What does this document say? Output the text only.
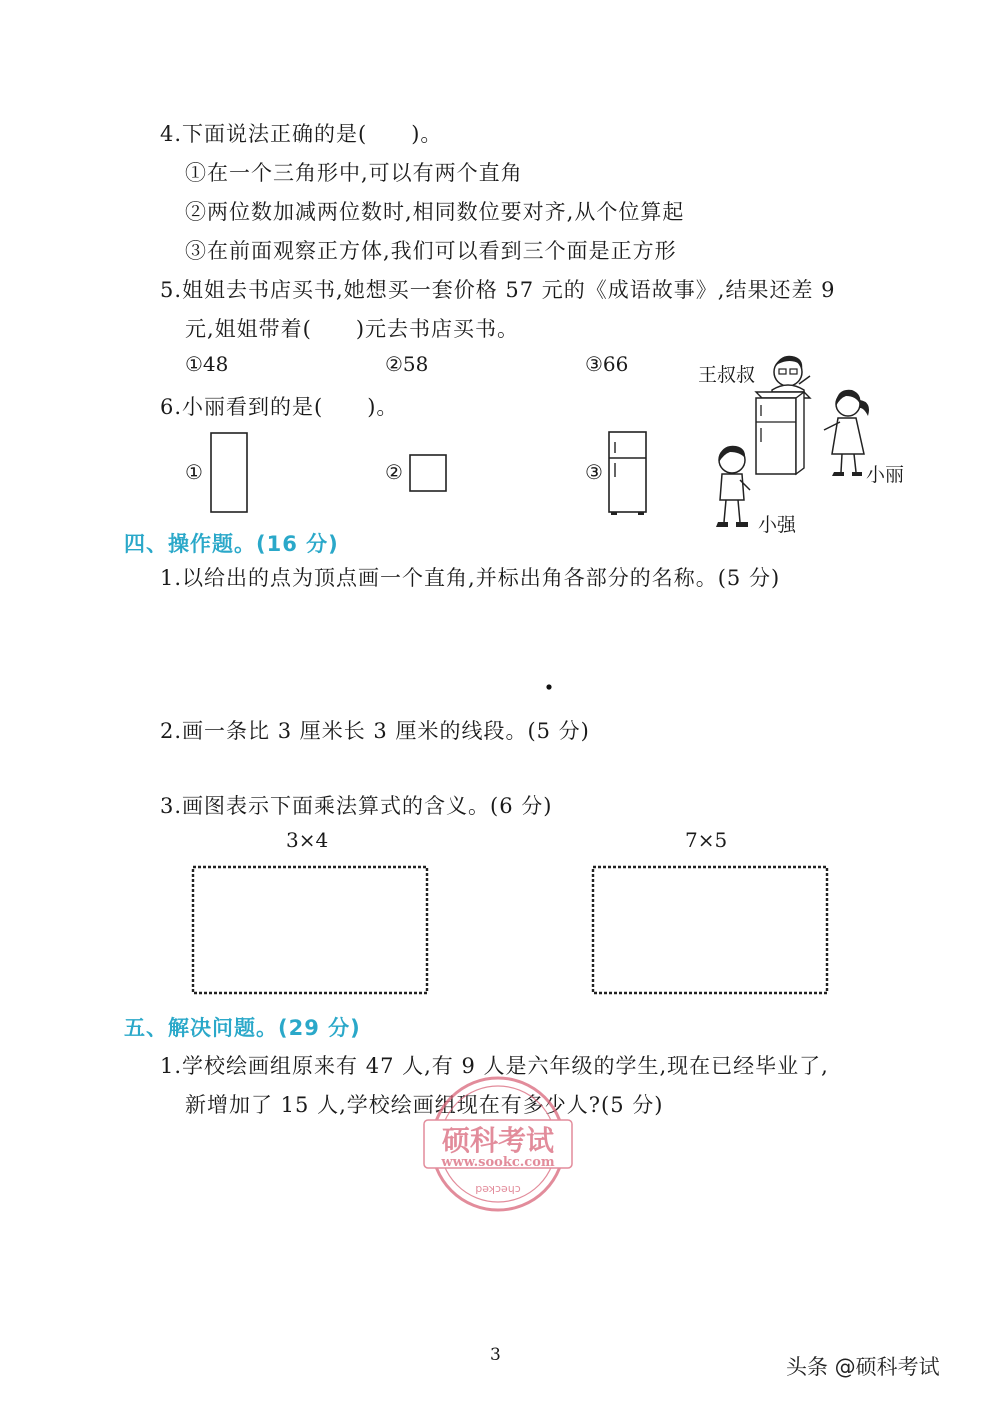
4.下面说法正确的是(　　)。
①在一个三角形中,可以有两个直角
②两位数加减两位数时,相同数位要对齐,从个位算起
③在前面观察正方体,我们可以看到三个面是正方形
5.姐姐去书店买书,她想买一套价格 57 元的《成语故事》,结果还差 9
元,姐姐带着(　　)元去书店买书。
①48	②58	③66
6.小丽看到的是(　　)。
①	②	③
王叔叔
小丽
小强
四、操作题。(16 分)
1.以给出的点为顶点画一个直角,并标出角各部分的名称。(5 分)
2.画一条比 3 厘米长 3 厘米的线段。(5 分)
3.画图表示下面乘法算式的含义。(6 分)
3×4	7×5
五、解决问题。(29 分)
1.学校绘画组原来有 47 人,有 9 人是六年级的学生,现在已经毕业了,
新增加了 15 人,学校绘画组现在有多少人?(5 分)
硕科考试
www.sookc.com
checked
3	头条 @硕科考试
